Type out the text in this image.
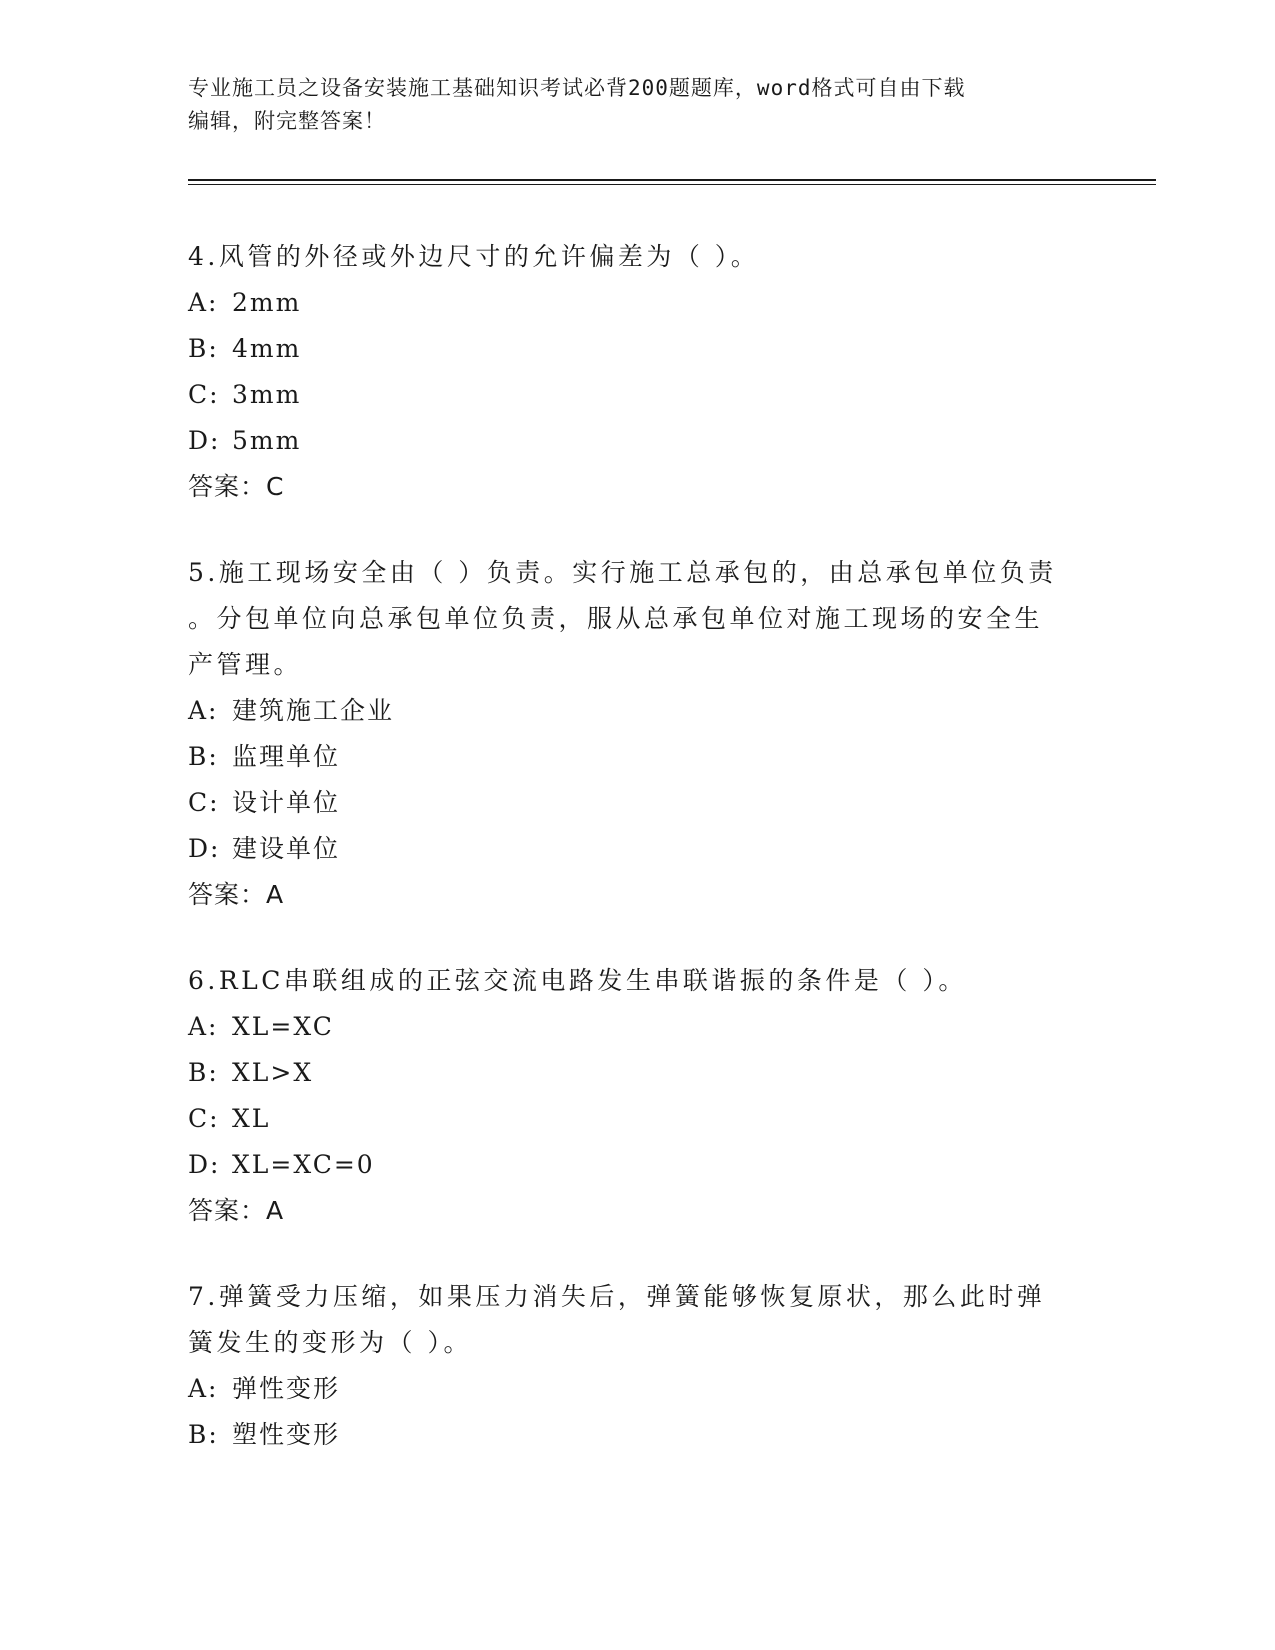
专业施工员之设备安装施工基础知识考试必背200题题库，word格式可自由下载
编辑，附完整答案！
4.风管的外径或外边尺寸的允许偏差为（ ）。
A: 2mm
B: 4mm
C: 3mm
D: 5mm
答案：C
5.施工现场安全由（ ）负责。实行施工总承包的，由总承包单位负责
。分包单位向总承包单位负责，服从总承包单位对施工现场的安全生
产管理。
A: 建筑施工企业
B: 监理单位
C: 设计单位
D: 建设单位
答案：A
6.RLC串联组成的正弦交流电路发生串联谐振的条件是（ ）。
A: XL=XC
B: XL>X
C: XL
D: XL=XC=0
答案：A
7.弹簧受力压缩，如果压力消失后，弹簧能够恢复原状，那么此时弹
簧发生的变形为（ ）。
A: 弹性变形
B: 塑性变形
